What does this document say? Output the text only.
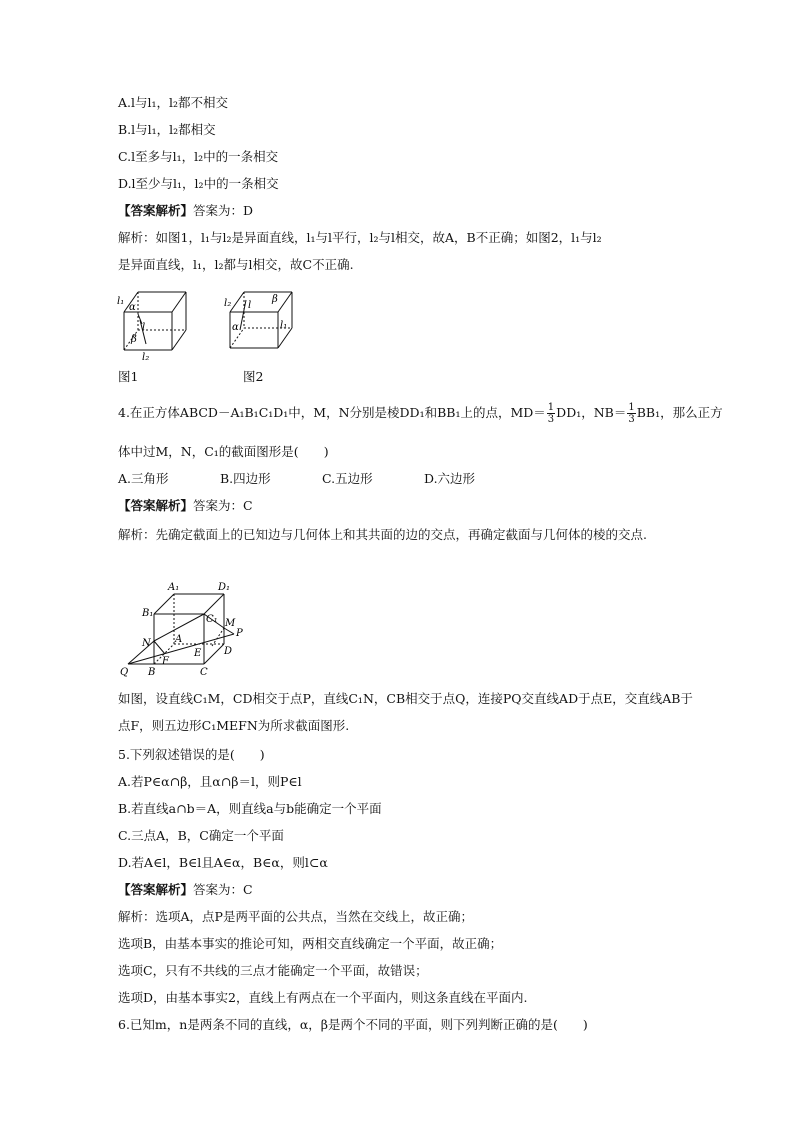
A.l与l₁，l₂都不相交
B.l与l₁，l₂都相交
C.l至多与l₁，l₂中的一条相交
D.l至少与l₁，l₂中的一条相交
【答案解析】答案为：D
解析：如图1，l₁与l₂是异面直线，l₁与l平行，l₂与l相交，故A，B不正确；如图2，l₁与l₂
是异面直线，l₁，l₂都与l相交，故C不正确.
l₁
α
l
β
l₂
l₂ l
β
α	l₁
图1	图2
4.在正方体ABCD－A₁B₁C₁D₁中，M，N分别是棱DD₁和BB₁上的点，$MD= \frac{1}{3} DD_1$，$NB= \frac{1}{3} BB_1$，那么正方
体中过M，N，C₁的截面图形是(　　)
A.三角形	B.四边形	C.五边形	D.六边形
【答案解析】答案为：C
解析：先确定截面上的已知边与几何体上和其共面的边的交点，再确定截面与几何体的棱的交点.
A₁	D₁
B₁
C₁ M
P
N A
E D
F
Q B	C
如图，设直线C₁M，CD相交于点P，直线C₁N，CB相交于点Q，连接PQ交直线AD于点E，交直线AB于点F，则五边形C₁MEFN为所求截面图形.
5.下列叙述错误的是(　　)
A.若P∈α∩β，且α∩β＝l，则P∈l
B.若直线a∩b＝A，则直线a与b能确定一个平面
C.三点A，B，C确定一个平面
D.若A∈l，B∈l且A∈α，B∈α，则l⊂α
【答案解析】答案为：C
解析：选项A，点P是两平面的公共点，当然在交线上，故正确；
选项B，由基本事实的推论可知，两相交直线确定一个平面，故正确；
选项C，只有不共线的三点才能确定一个平面，故错误；
选项D，由基本事实2，直线上有两点在一个平面内，则这条直线在平面内.
6.已知m，n是两条不同的直线，α，β是两个不同的平面，则下列判断正确的是(　　)
